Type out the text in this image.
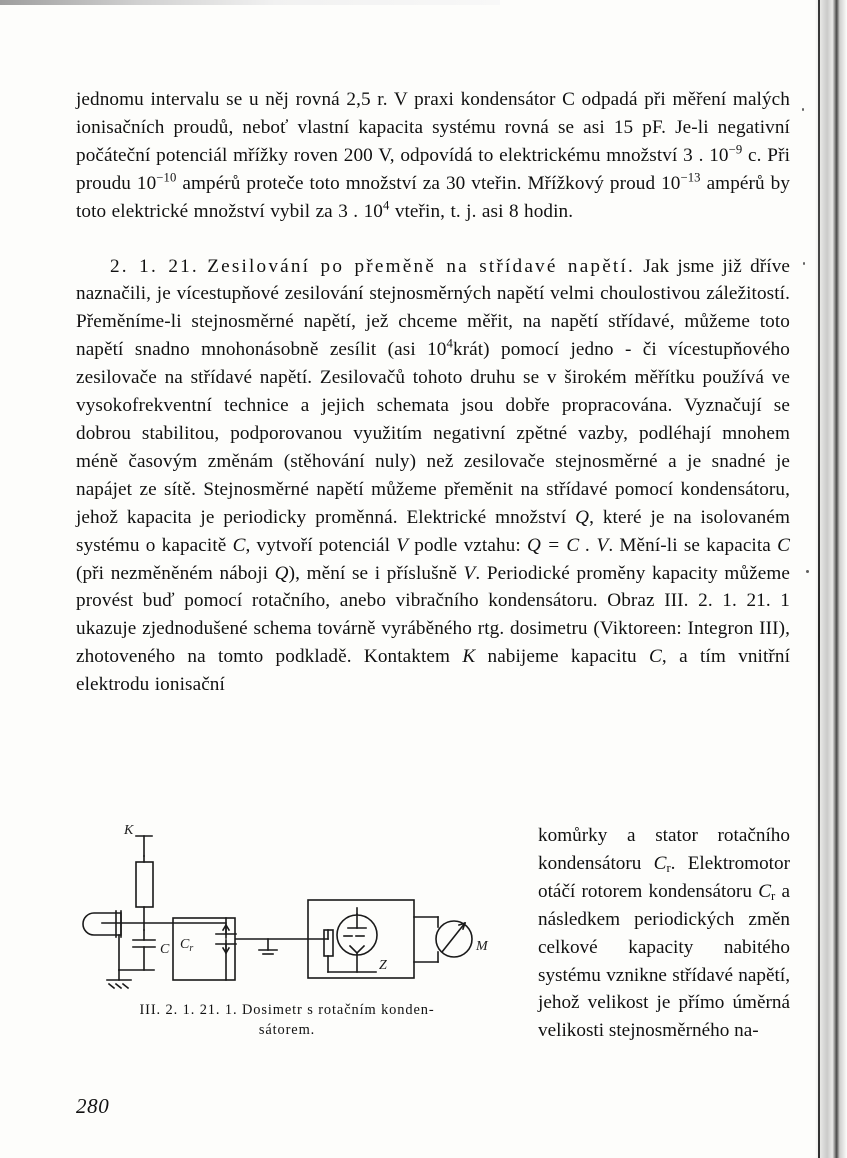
jednomu intervalu se u něj rovná 2,5 r. V praxi kondensátor C odpadá při měření malých ionisačních proudů, neboť vlastní kapacita systému rovná se asi 15 pF. Je-li negativní počáteční potenciál mřížky roven 200 V, odpovídá to elektrickému množství 3 . $10^{-9}$ c. Při proudu $10^{-10}$ ampérů proteče toto množství za 30 vteřin. Mřížkový proud $10^{-13}$ ampérů by toto elektrické množství vybil za 3 . $10^4$ vteřin, t. j. asi 8 hodin.

2. 1. 21. Zesilování po přeměně na střídavé napětí. Jak jsme již dříve naznačili, je vícestupňové zesilování stejnosměrných napětí velmi choulostivou záležitostí. Přeměníme-li stejnosměrné napětí, jež chceme měřit, na napětí střídavé, můžeme toto napětí snadno mnohonásobně zesílit (asi $10^4krát$) pomocí jedno - či vícestupňového zesilovače na střídavé napětí. Zesilovačů tohoto druhu se v širokém měřítku používá ve vysokofrekventní technice a jejich schemata jsou dobře propracována. Vyznačují se dobrou stabilitou, podporovanou využitím negativní zpětné vazby, podléhají mnohem méně časovým změnám (stěhování nuly) než zesilovače stejnosměrné a je snadné je napájet ze sítě. Stejnosměrné napětí můžeme přeměnit na střídavé pomocí kondensátoru, jehož kapacita je periodicky proměnná. Elektrické množství Q, které je na isolovaném systému o kapacitě C, vytvoří potenciál V podle vztahu: Q = C . V. Mění-li se kapacita C (při nezměněném náboji Q), mění se i příslušně V. Periodické proměny kapacity můžeme provést buď pomocí rotačního, anebo vibračního kondensátoru. Obraz III. 2. 1. 21. 1 ukazuje zjednodušené schema továrně vyráběného rtg. dosimetru (Viktoreen: Integron III), zhotoveného na tomto podkladě. Kontaktem K nabijeme kapacitu C, a tím vnitřní elektrodu ionisační

komůrky a stator rotačního kondensátoru $C_r$. Elektromotor otáčí rotorem kondensátoru $C_r$ a následkem periodických změn celkové kapacity nabitého systému vznikne střídavé napětí, jehož velikost je přímo úměrná velikosti stejnosměrného na-

K
C $C_r$
Z
M
III. 2. 1. 21. 1. Dosimetr s rotačním konden-
sátorem.
280
